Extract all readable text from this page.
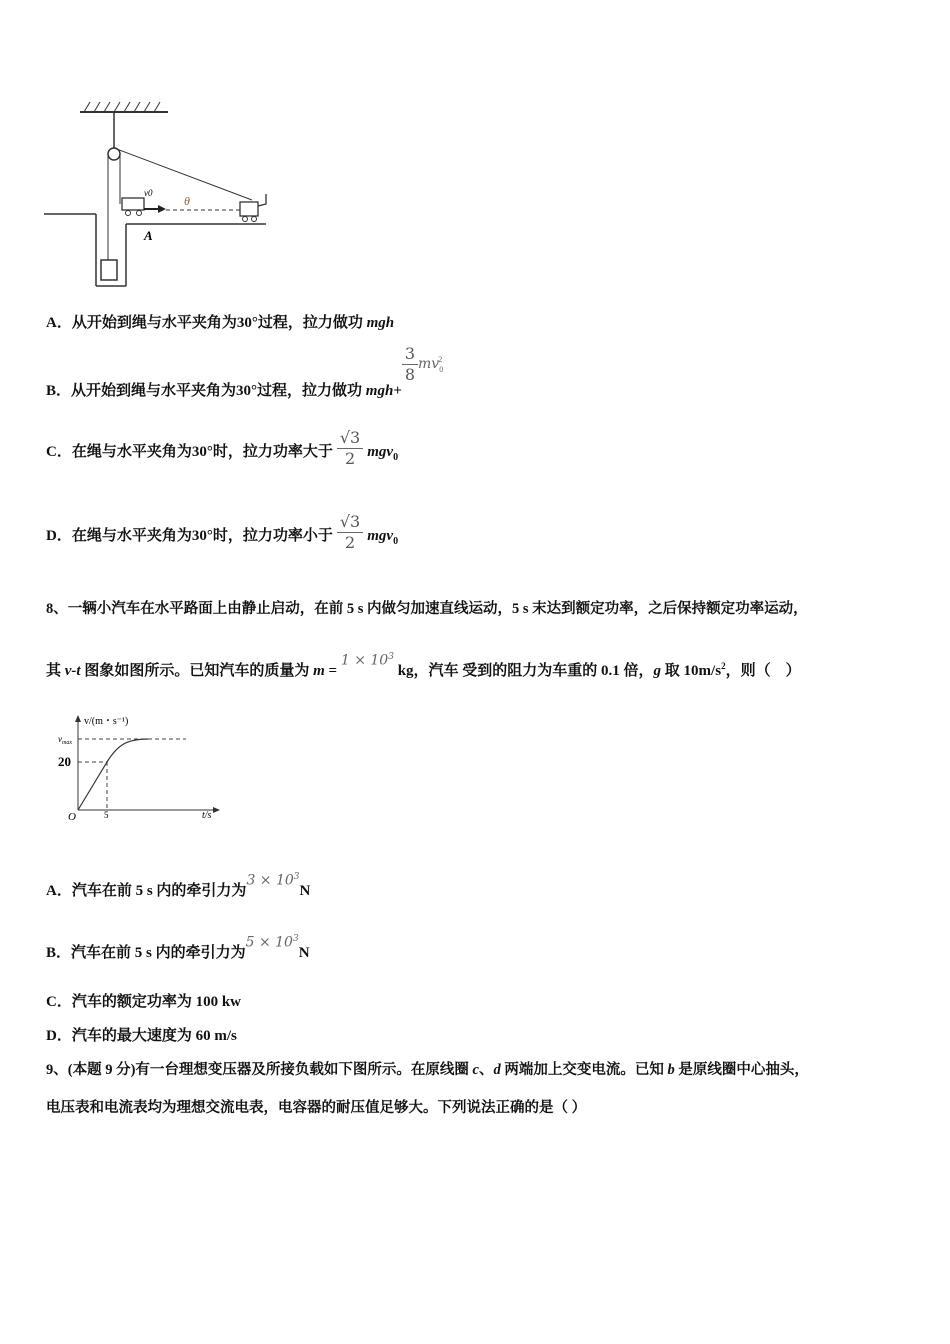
v0
θ
A
A．从开始到绳与水平夹角为30°过程，拉力做功 mgh
B．从开始到绳与水平夹角为30°过程，拉力做功 mgh+
$\frac{3}{8} mv_0^2$
C．在绳与水平夹角为30°时，拉力功率大于 $\frac{√3}{2} mgv_0$
D．在绳与水平夹角为30°时，拉力功率小于 $\frac{√3}{2} mgv_0$
8、一辆小汽车在水平路面上由静止启动，在前 5 s 内做匀加速直线运动，5 s 末达到额定功率，之后保持额定功率运动，
其 v-t 图象如图所示。已知汽车的质量为 $m = 1 \times 10^3$ kg，汽车 受到的阻力为车重的 0.1 倍，g 取 $10m/s^2$，则（　）
v/(m・s⁻¹)
$v_{max}$
20
O	5	t/s
A．汽车在前 5 s 内的牵引力为$3 \times 10^3N$
B．汽车在前 5 s 内的牵引力为$5 \times 10^3N$
C．汽车的额定功率为 100 kw
D．汽车的最大速度为 60 m/s
9、(本题 9 分)有一台理想变压器及所接负载如下图所示。在原线圈 c、d 两端加上交变电流。已知 b 是原线圈中心抽头，
电压表和电流表均为理想交流电表，电容器的耐压值足够大。下列说法正确的是（ ）
